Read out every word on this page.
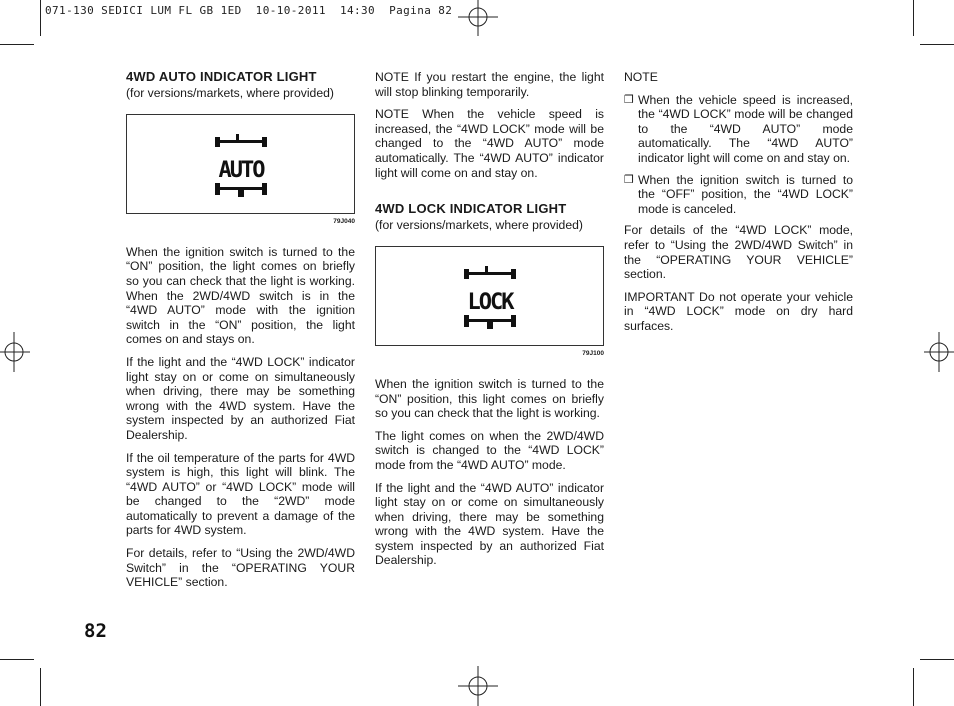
071-130 SEDICI LUM FL GB 1ED  10-10-2011  14:30  Pagina 82
4WD AUTO INDICATOR LIGHT
(for versions/markets, where provided)
AUTO
79J040

When the ignition switch is turned to the “ON” position, the light comes on briefly so you can check that the light is working. When the 2WD/4WD switch is in the “4WD AUTO” mode with the ignition switch in the “ON” position, the light comes on and stays on.

If the light and the “4WD LOCK” indicator light stay on or come on simultaneously when driving, there may be something wrong with the 4WD system. Have the system inspected by an authorized Fiat Dealership.

If the oil temperature of the parts for 4WD system is high, this light will blink. The “4WD AUTO” or “4WD LOCK” mode will be changed to the “2WD” mode automatically to prevent a damage of the parts for 4WD system.

For details, refer to “Using the 2WD/4WD Switch” in the “OPERATING YOUR VEHICLE” section.

NOTE If you restart the engine, the light will stop blinking temporarily.

NOTE When the vehicle speed is increased, the “4WD LOCK” mode will be changed to the “4WD AUTO” mode automatically. The “4WD AUTO” indicator light will come on and stay on.

4WD LOCK INDICATOR LIGHT
(for versions/markets, where provided)
LOCK
79J100

When the ignition switch is turned to the “ON” position, this light comes on briefly so you can check that the light is working.

The light comes on when the 2WD/4WD switch is changed to the “4WD LOCK” mode from the “4WD AUTO” mode.

If the light and the “4WD AUTO” indicator light stay on or come on simultaneously when driving, there may be something wrong with the 4WD system. Have the system inspected by an authorized Fiat Dealership.

NOTE

❒ When the vehicle speed is increased, the “4WD LOCK” mode will be changed to the “4WD AUTO” mode automatically. The “4WD AUTO” indicator light will come on and stay on.
❒ When the ignition switch is turned to the “OFF” position, the “4WD LOCK” mode is canceled.

For details of the “4WD LOCK” mode, refer to “Using the 2WD/4WD Switch” in the “OPERATING YOUR VEHICLE” section.

IMPORTANT Do not operate your vehicle in “4WD LOCK” mode on dry hard surfaces.

82
